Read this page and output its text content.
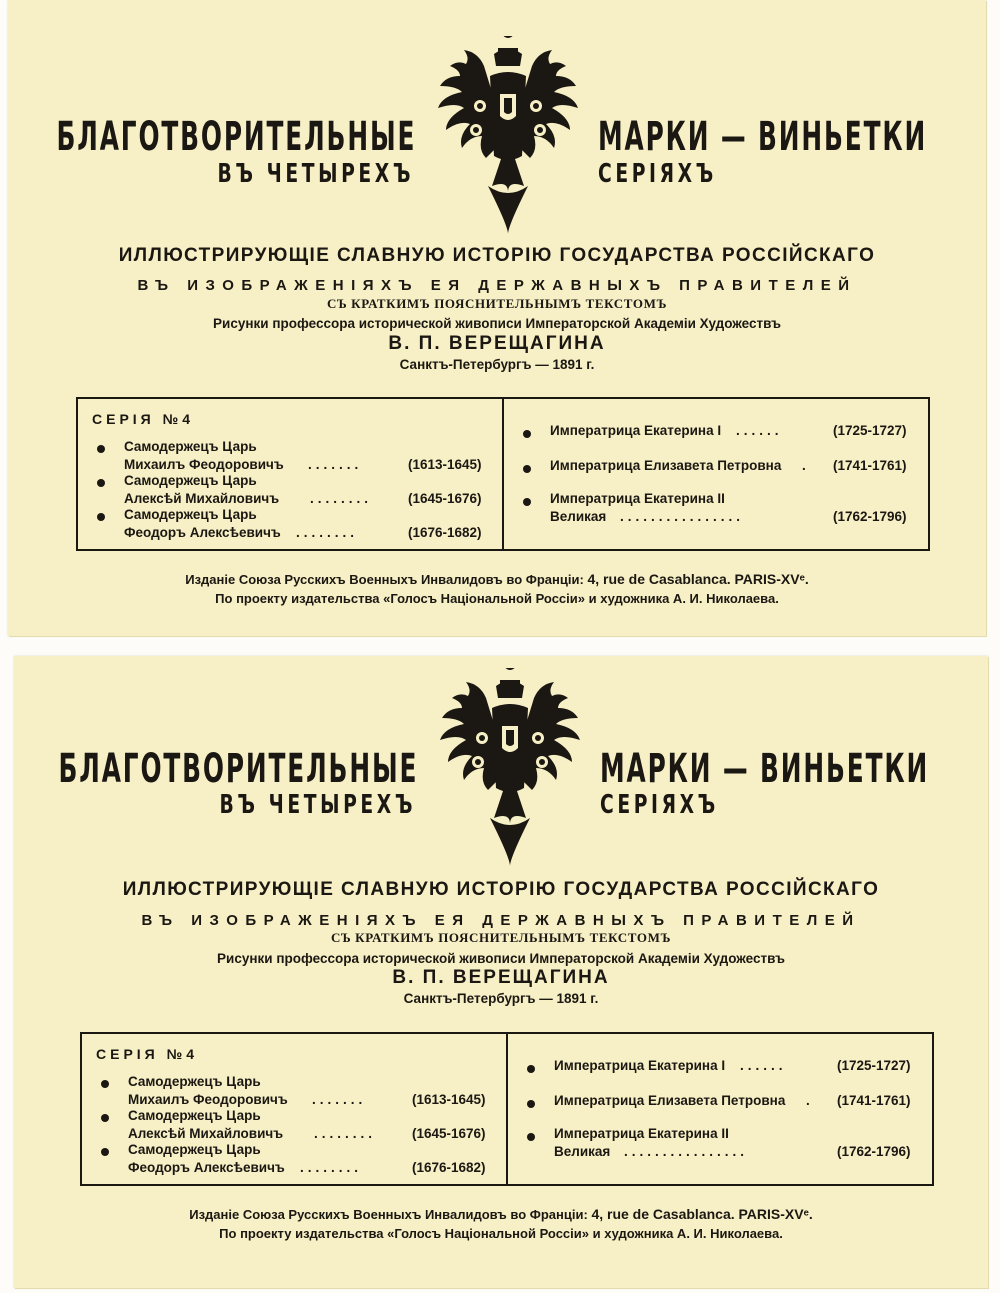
БЛАГОТВОРИТЕЛЬНЫЕ	МАРКИ — ВИНЬЕТКИ
ВЪ ЧЕТЫРЕХЪ	СЕРІЯХЪ
ИЛЛЮСТРИРУЮЩІЕ СЛАВНУЮ ИСТОРІЮ ГОСУДАРСТВА РОССІЙСКАГО
ВЪ ИЗОБРАЖЕНІЯХЪ ЕЯ ДЕРЖАВНЫХЪ ПРАВИТЕЛЕЙ
СЪ КРАТКИМЪ ПОЯСНИТЕЛЬНЫМЪ ТЕКСТОМЪ
Рисунки профессора исторической живописи Императорской Академіи Художествъ
В. П. ВЕРЕЩАГИНА
Санктъ-Петербургъ — 1891 г.
СЕРІЯ №4
Самодержецъ Царь
Михаилъ Феодоровичъ .......	(1613-1645)
Самодержецъ Царь
Алексѣй Михайловичъ ........	(1645-1676)
Самодержецъ Царь
Феодоръ Алексѣевичъ ........	(1676-1682)
Императрица Екатерина I ......	(1725-1727)
Императрица Елизавета Петровна . (1741-1761)
Императрица Екатерина II
Великая ................	(1762-1796)
Изданіе Союза Русскихъ Военныхъ Инвалидовъ во Франціи: 4, rue de Casablanca. PARIS-XVᵉ.
По проекту издательства «Голосъ Національной Россіи» и художника А. И. Николаева.
БЛАГОТВОРИТЕЛЬНЫЕ	МАРКИ — ВИНЬЕТКИ
ВЪ ЧЕТЫРЕХЪ	СЕРІЯХЪ
ИЛЛЮСТРИРУЮЩІЕ СЛАВНУЮ ИСТОРІЮ ГОСУДАРСТВА РОССІЙСКАГО
ВЪ ИЗОБРАЖЕНІЯХЪ ЕЯ ДЕРЖАВНЫХЪ ПРАВИТЕЛЕЙ
СЪ КРАТКИМЪ ПОЯСНИТЕЛЬНЫМЪ ТЕКСТОМЪ
Рисунки профессора исторической живописи Императорской Академіи Художествъ
В. П. ВЕРЕЩАГИНА
Санктъ-Петербургъ — 1891 г.
СЕРІЯ №4
Самодержецъ Царь
Михаилъ Феодоровичъ .......	(1613-1645)
Самодержецъ Царь
Алексѣй Михайловичъ ........	(1645-1676)
Самодержецъ Царь
Феодоръ Алексѣевичъ ........	(1676-1682)
Императрица Екатерина I ......	(1725-1727)
Императрица Елизавета Петровна . (1741-1761)
Императрица Екатерина II
Великая ................	(1762-1796)
Изданіе Союза Русскихъ Военныхъ Инвалидовъ во Франціи: 4, rue de Casablanca. PARIS-XVᵉ.
По проекту издательства «Голосъ Національной Россіи» и художника А. И. Николаева.
